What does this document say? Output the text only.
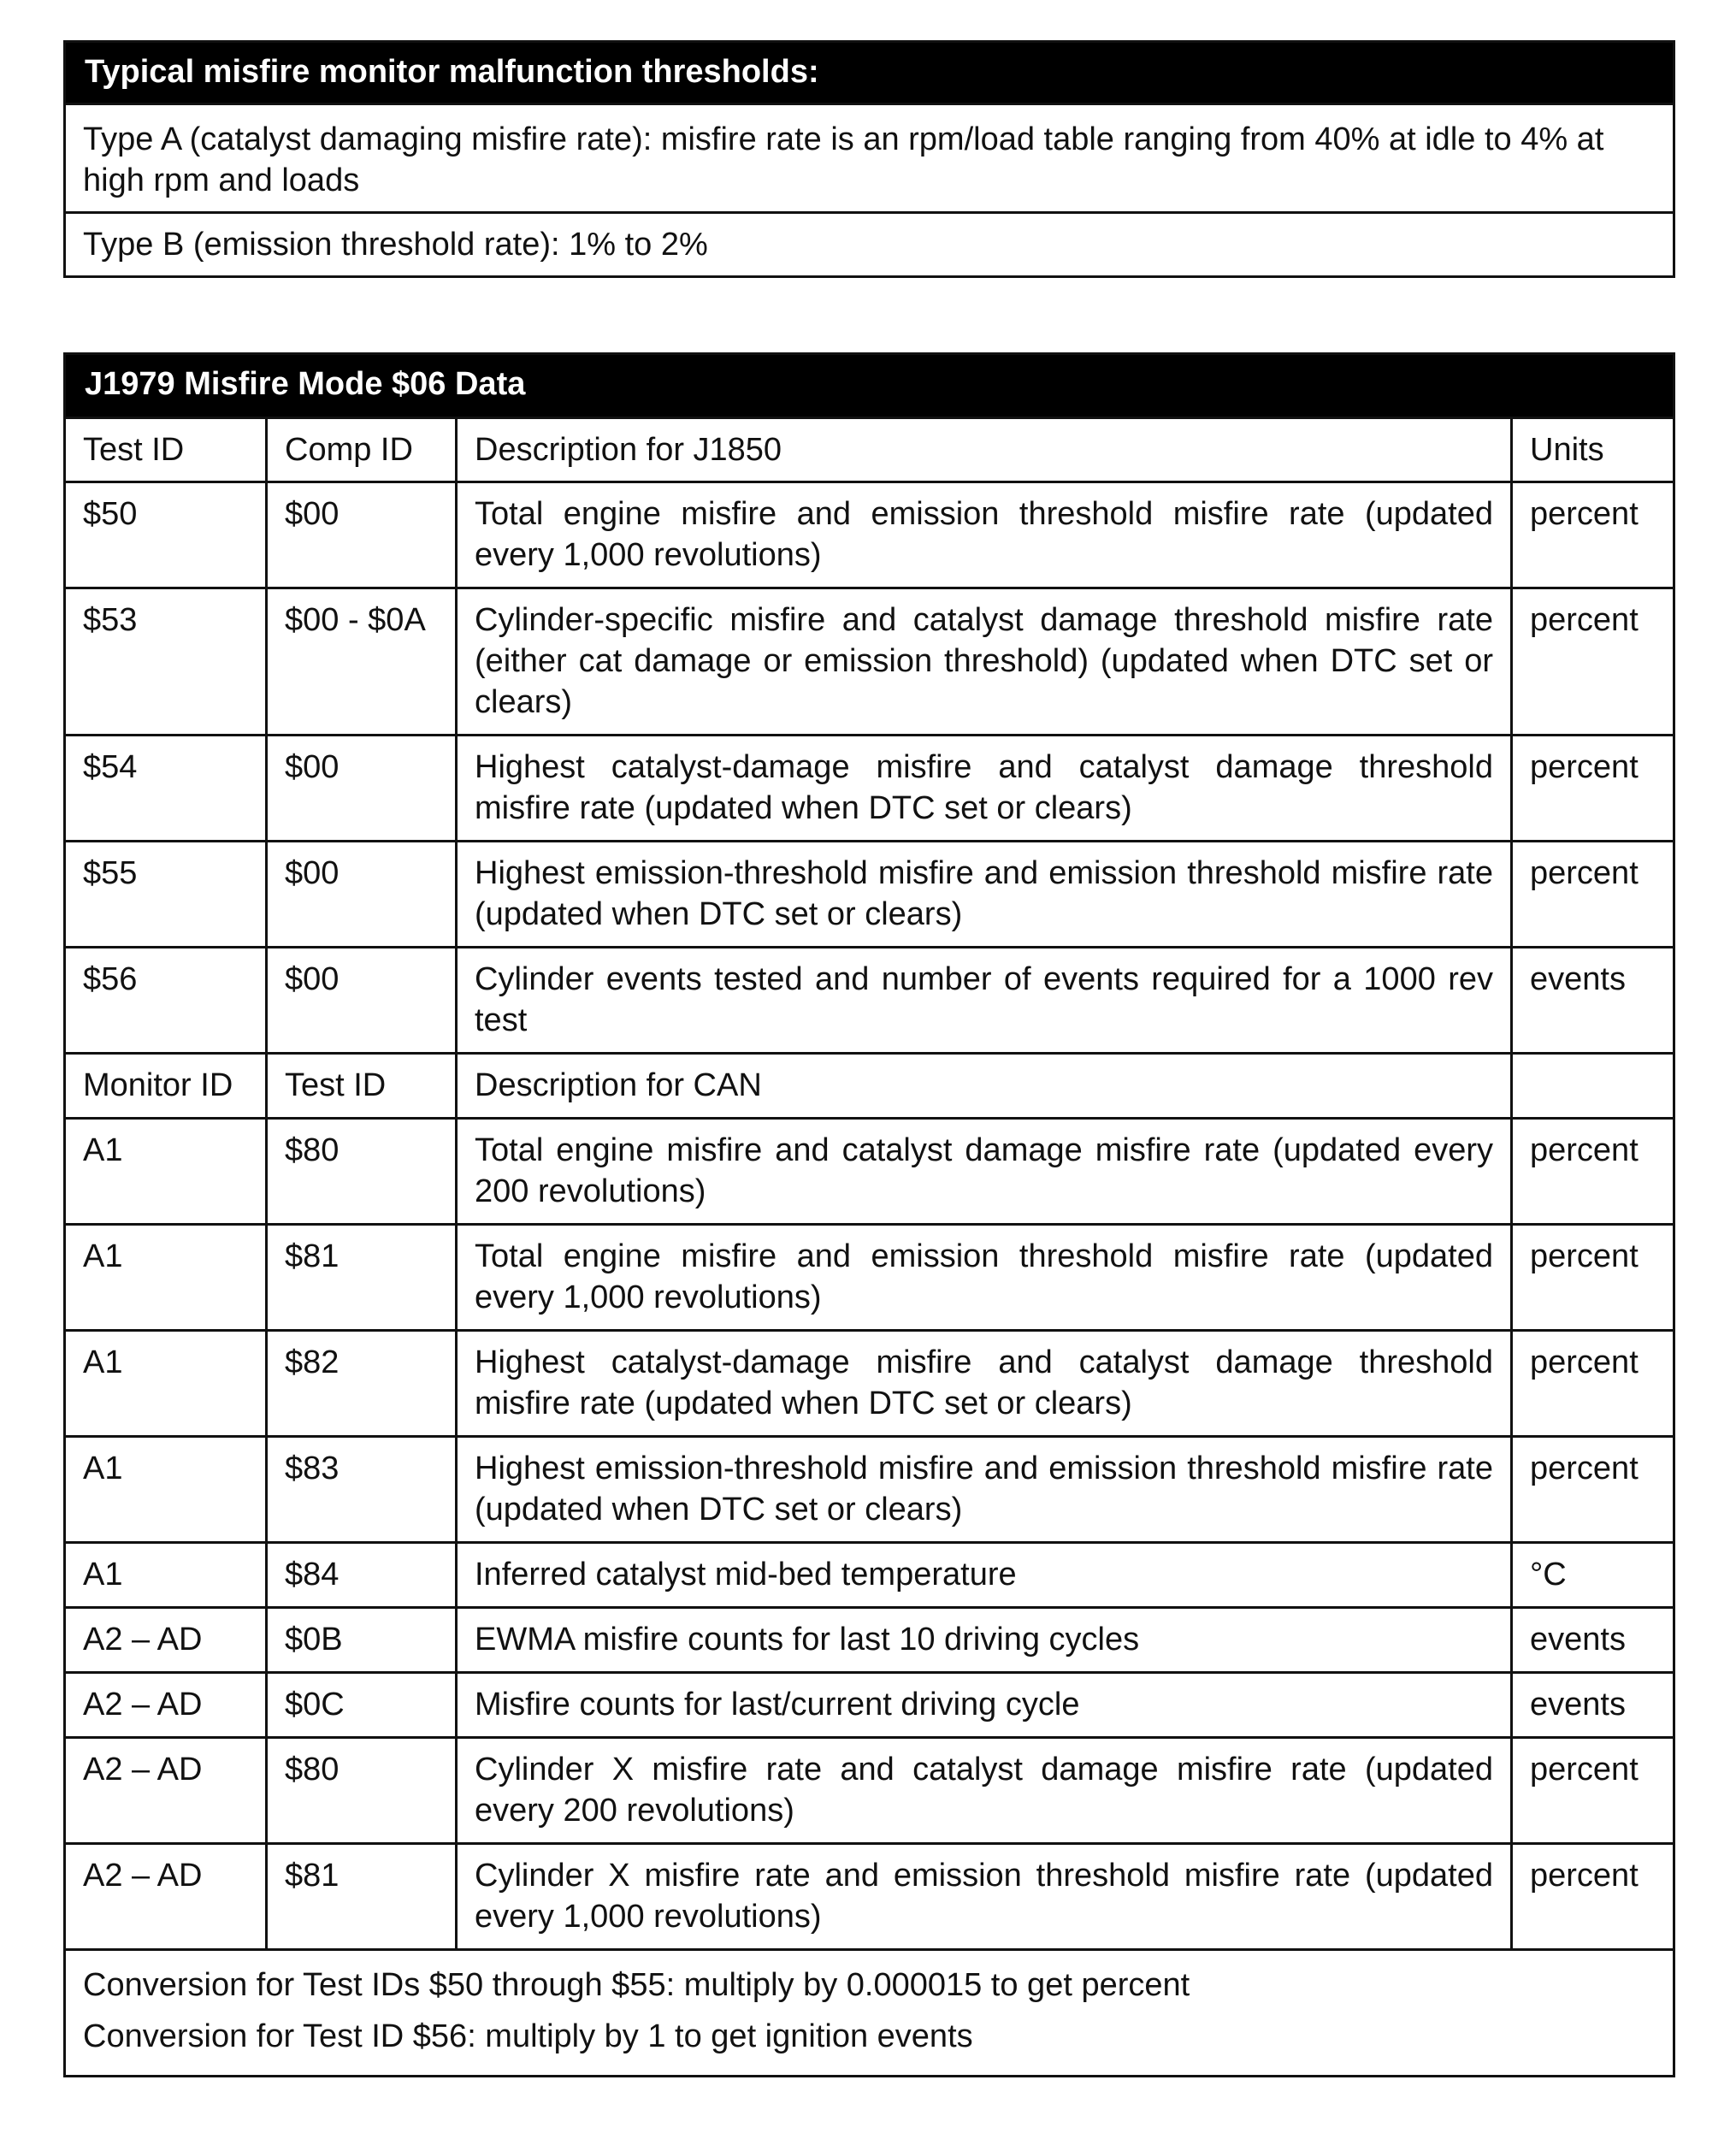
Typical misfire monitor malfunction thresholds:
Type A (catalyst damaging misfire rate): misfire rate is an rpm/load table ranging from 40% at idle to 4% at high rpm and loads
Type B (emission threshold rate): 1% to 2%
J1979 Misfire Mode $06 Data			
Test ID	Comp ID	Description for J1850	Units
$50	$00	Total engine misfire and emission threshold misfire rate (updated every 1,000 revolutions)	percent
$53	$00 - $0A	Cylinder-specific misfire and catalyst damage threshold misfire rate (either cat damage or emission threshold) (updated when DTC set or clears)	percent
$54	$00	Highest catalyst-damage misfire and catalyst damage threshold misfire rate (updated when DTC set or clears)	percent
$55	$00	Highest emission-threshold misfire and emission threshold misfire rate (updated when DTC set or clears)	percent
$56	$00	Cylinder events tested and number of events required for a 1000 rev test	events
Monitor ID	Test ID	Description for CAN	
A1	$80	Total engine misfire and catalyst damage misfire rate (updated every 200 revolutions)	percent
A1	$81	Total engine misfire and emission threshold misfire rate (updated every 1,000 revolutions)	percent
A1	$82	Highest catalyst-damage misfire and catalyst damage threshold misfire rate (updated when DTC set or clears)	percent
A1	$83	Highest emission-threshold misfire and emission threshold misfire rate (updated when DTC set or clears)	percent
A1	$84	Inferred catalyst mid-bed temperature	°C
A2 – AD	$0B	EWMA misfire counts for last 10 driving cycles	events
A2 – AD	$0C	Misfire counts for last/current driving cycle	events
A2 – AD	$80	Cylinder X misfire rate and catalyst damage misfire rate (updated every 200 revolutions)	percent
A2 – AD	$81	Cylinder X misfire rate and emission threshold misfire rate (updated every 1,000 revolutions)	percent

Conversion for Test IDs $50 through $55: multiply by 0.000015 to get percent
Conversion for Test ID $56: multiply by 1 to get ignition events			
